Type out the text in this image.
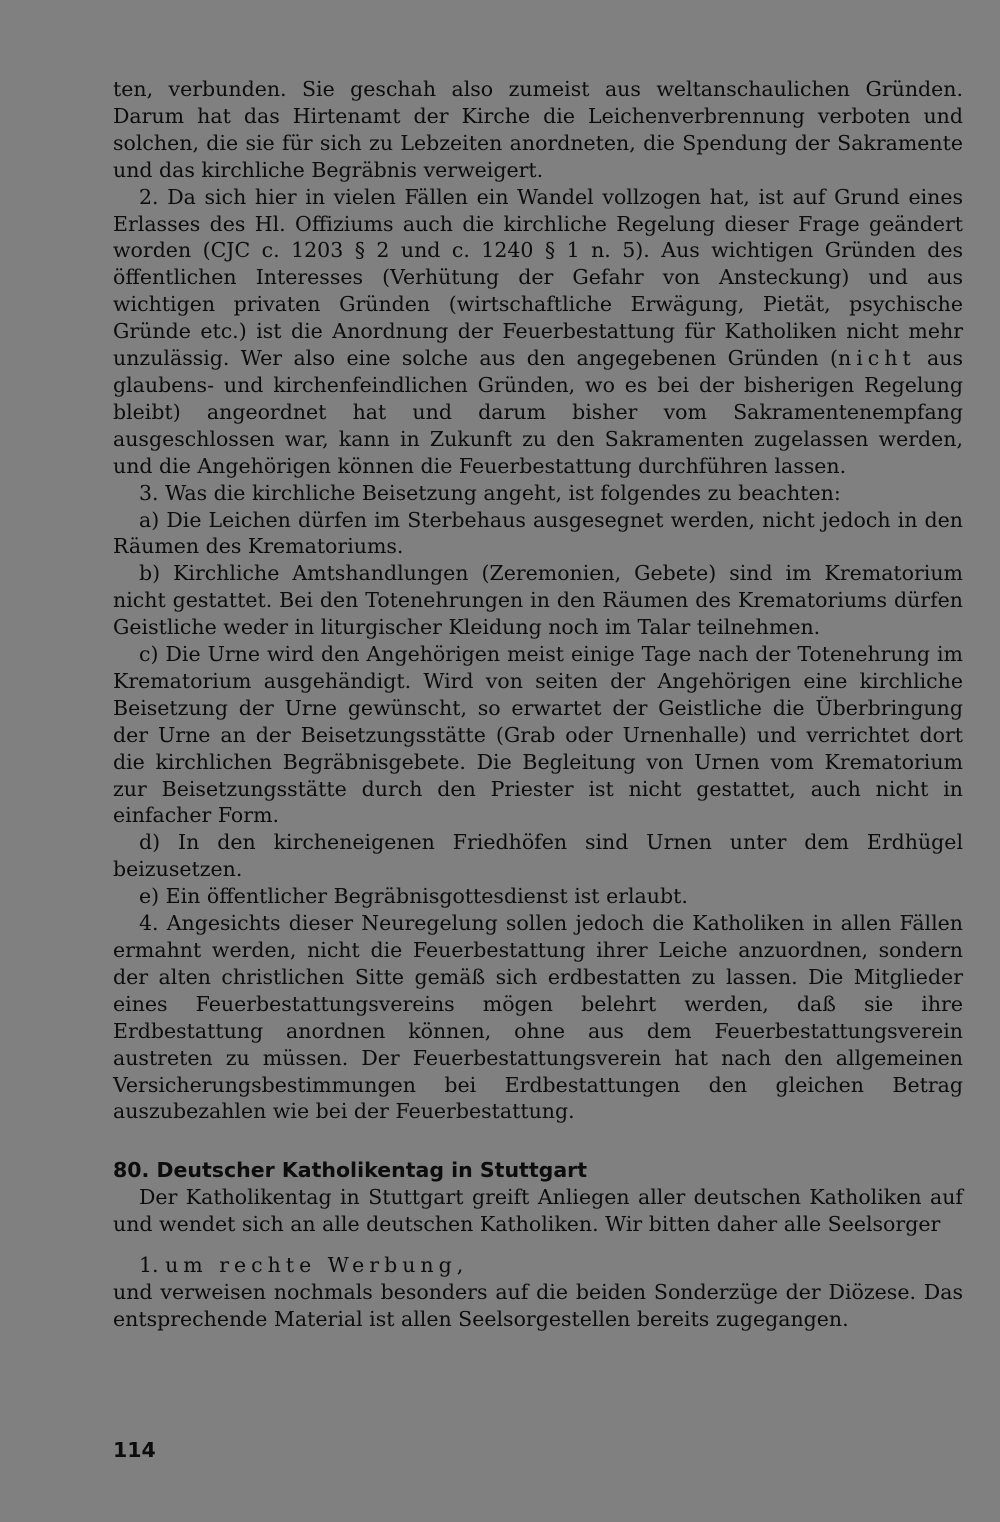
ten, verbunden. Sie geschah also zumeist aus weltanschaulichen Gründen. Darum hat das Hirtenamt der Kirche die Leichenverbrennung verboten und solchen, die sie für sich zu Lebzeiten anordneten, die Spendung der Sakramente und das kirchliche Begräbnis verweigert.

2. Da sich hier in vielen Fällen ein Wandel vollzogen hat, ist auf Grund eines Erlasses des Hl. Offiziums auch die kirchliche Regelung dieser Frage geändert worden (CJC c. 1203 § 2 und c. 1240 § 1 n. 5). Aus wichtigen Gründen des öffentlichen Interesses (Verhütung der Gefahr von Ansteckung) und aus wichtigen privaten Gründen (wirtschaftliche Erwägung, Pietät, psychische Gründe etc.) ist die Anordnung der Feuerbestattung für Katholiken nicht mehr unzulässig. Wer also eine solche aus den angegebenen Gründen (nicht aus glaubens- und kirchenfeindlichen Gründen, wo es bei der bisherigen Regelung bleibt) angeordnet hat und darum bisher vom Sakramentenempfang ausgeschlossen war, kann in Zukunft zu den Sakramenten zugelassen werden, und die Angehörigen können die Feuerbestattung durchführen lassen.

3. Was die kirchliche Beisetzung angeht, ist folgendes zu beachten:

a) Die Leichen dürfen im Sterbehaus ausgesegnet werden, nicht jedoch in den Räumen des Krematoriums.

b) Kirchliche Amtshandlungen (Zeremonien, Gebete) sind im Krematorium nicht gestattet. Bei den Totenehrungen in den Räumen des Krematoriums dürfen Geistliche weder in liturgischer Kleidung noch im Talar teilnehmen.

c) Die Urne wird den Angehörigen meist einige Tage nach der Totenehrung im Krematorium ausgehändigt. Wird von seiten der Angehörigen eine kirchliche Beisetzung der Urne gewünscht, so erwartet der Geistliche die Überbringung der Urne an der Beisetzungsstätte (Grab oder Urnenhalle) und verrichtet dort die kirchlichen Begräbnisgebete. Die Begleitung von Urnen vom Krematorium zur Beisetzungsstätte durch den Priester ist nicht gestattet, auch nicht in einfacher Form.

d) In den kircheneigenen Friedhöfen sind Urnen unter dem Erdhügel beizusetzen.

e) Ein öffentlicher Begräbnisgottesdienst ist erlaubt.

4. Angesichts dieser Neuregelung sollen jedoch die Katholiken in allen Fällen ermahnt werden, nicht die Feuerbestattung ihrer Leiche anzuordnen, sondern der alten christlichen Sitte gemäß sich erdbestatten zu lassen. Die Mitglieder eines Feuerbestattungsvereins mögen belehrt werden, daß sie ihre Erdbestattung anordnen können, ohne aus dem Feuerbestattungsverein austreten zu müssen. Der Feuerbestattungsverein hat nach den allgemeinen Versicherungsbestimmungen bei Erdbestattungen den gleichen Betrag auszubezahlen wie bei der Feuerbestattung.

80. Deutscher Katholikentag in Stuttgart

Der Katholikentag in Stuttgart greift Anliegen aller deutschen Katholiken auf und wendet sich an alle deutschen Katholiken. Wir bitten daher alle Seelsorger

1. um rechte Werbung,

und verweisen nochmals besonders auf die beiden Sonderzüge der Diözese. Das entsprechende Material ist allen Seelsorgestellen bereits zugegangen.

114
